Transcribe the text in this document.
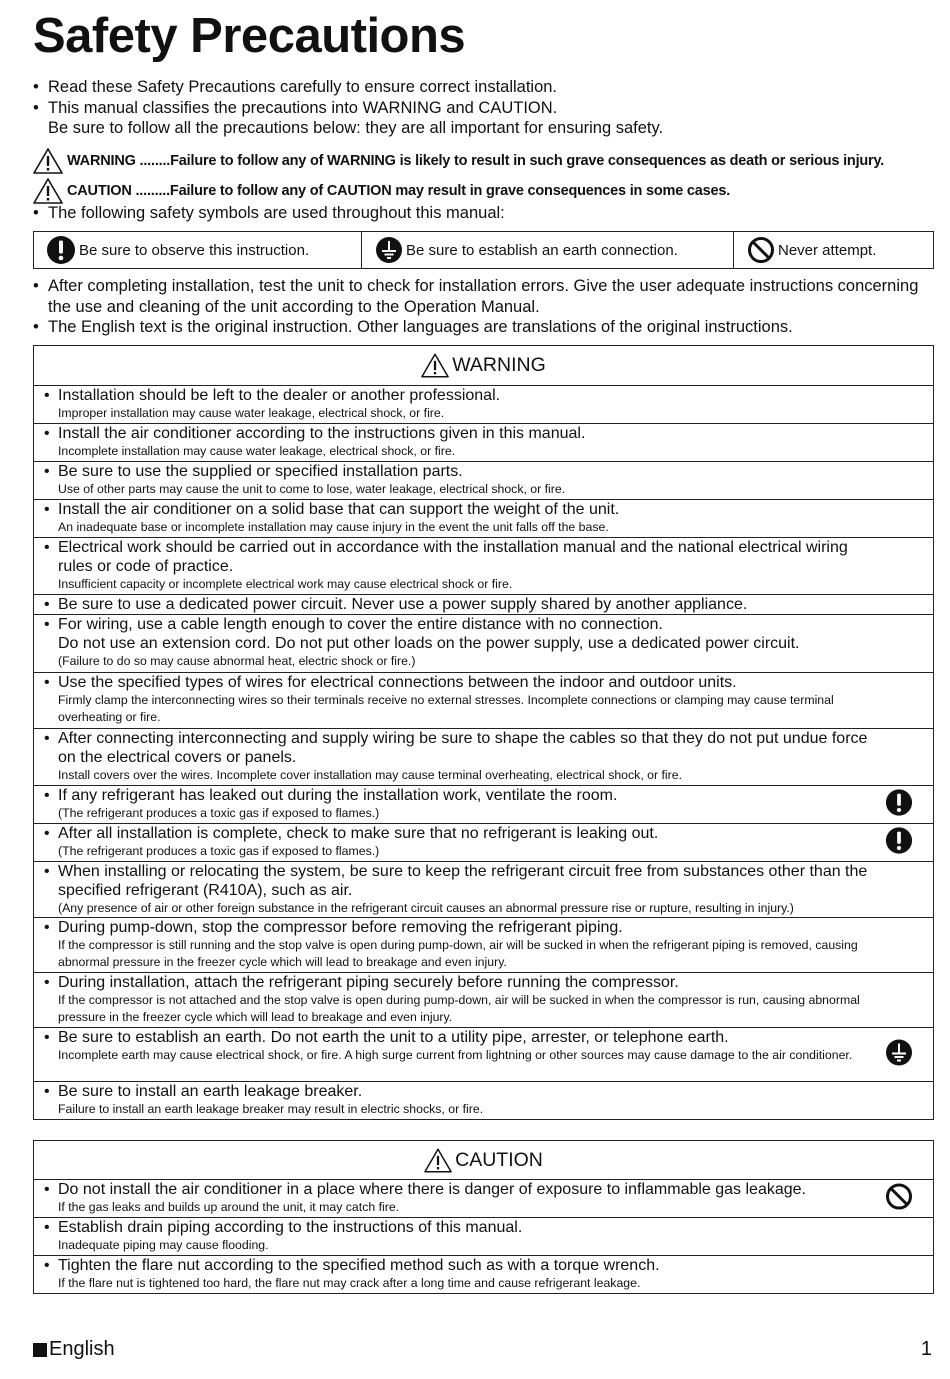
Safety Precautions
• Read these Safety Precautions carefully to ensure correct installation.
• This manual classifies the precautions into WARNING and CAUTION.
Be sure to follow all the precautions below: they are all important for ensuring safety.
WARNING ........Failure to follow any of WARNING is likely to result in such grave consequences as death or serious injury.
CAUTION .........Failure to follow any of CAUTION may result in grave consequences in some cases.
• The following safety symbols are used throughout this manual:
Be sure to observe this instruction.	Be sure to establish an earth connection.	Never attempt.
• After completing installation, test the unit to check for installation errors. Give the user adequate instructions concerning the use and cleaning of the unit according to the Operation Manual.
• The English text is the original instruction. Other languages are translations of the original instructions.
WARNING
• Installation should be left to the dealer or another professional.
Improper installation may cause water leakage, electrical shock, or fire.
• Install the air conditioner according to the instructions given in this manual.
Incomplete installation may cause water leakage, electrical shock, or fire.
• Be sure to use the supplied or specified installation parts.
Use of other parts may cause the unit to come to lose, water leakage, electrical shock, or fire.
• Install the air conditioner on a solid base that can support the weight of the unit.
An inadequate base or incomplete installation may cause injury in the event the unit falls off the base.
• Electrical work should be carried out in accordance with the installation manual and the national electrical wiring rules or code of practice.
Insufficient capacity or incomplete electrical work may cause electrical shock or fire.
• Be sure to use a dedicated power circuit. Never use a power supply shared by another appliance.
• For wiring, use a cable length enough to cover the entire distance with no connection.
Do not use an extension cord. Do not put other loads on the power supply, use a dedicated power circuit.
(Failure to do so may cause abnormal heat, electric shock or fire.)
• Use the specified types of wires for electrical connections between the indoor and outdoor units.
Firmly clamp the interconnecting wires so their terminals receive no external stresses. Incomplete connections or clamping may cause terminal overheating or fire.
• After connecting interconnecting and supply wiring be sure to shape the cables so that they do not put undue force on the electrical covers or panels.
Install covers over the wires. Incomplete cover installation may cause terminal overheating, electrical shock, or fire.
• If any refrigerant has leaked out during the installation work, ventilate the room.
(The refrigerant produces a toxic gas if exposed to flames.)
• After all installation is complete, check to make sure that no refrigerant is leaking out.
(The refrigerant produces a toxic gas if exposed to flames.)
• When installing or relocating the system, be sure to keep the refrigerant circuit free from substances other than the specified refrigerant (R410A), such as air.
(Any presence of air or other foreign substance in the refrigerant circuit causes an abnormal pressure rise or rupture, resulting in injury.)
• During pump-down, stop the compressor before removing the refrigerant piping.
If the compressor is still running and the stop valve is open during pump-down, air will be sucked in when the refrigerant piping is removed, causing abnormal pressure in the freezer cycle which will lead to breakage and even injury.
• During installation, attach the refrigerant piping securely before running the compressor.
If the compressor is not attached and the stop valve is open during pump-down, air will be sucked in when the compressor is run, causing abnormal pressure in the freezer cycle which will lead to breakage and even injury.
• Be sure to establish an earth. Do not earth the unit to a utility pipe, arrester, or telephone earth.
Incomplete earth may cause electrical shock, or fire. A high surge current from lightning or other sources may cause damage to the air conditioner.
• Be sure to install an earth leakage breaker.
Failure to install an earth leakage breaker may result in electric shocks, or fire.
CAUTION
• Do not install the air conditioner in a place where there is danger of exposure to inflammable gas leakage.
If the gas leaks and builds up around the unit, it may catch fire.
• Establish drain piping according to the instructions of this manual.
Inadequate piping may cause flooding.
• Tighten the flare nut according to the specified method such as with a torque wrench.
If the flare nut is tightened too hard, the flare nut may crack after a long time and cause refrigerant leakage.
English	1
